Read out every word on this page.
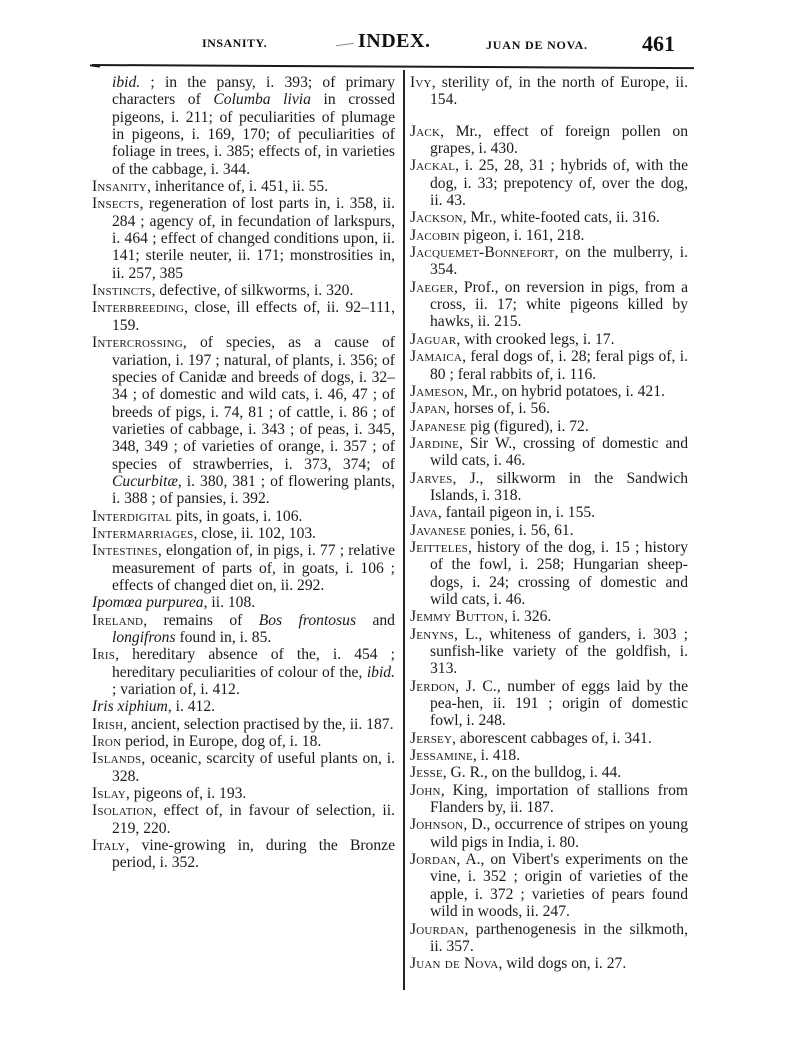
INSANITY.	INDEX.	JUAN DE NOVA. 461

ibid. ; in the pansy, i. 393; of primary characters of Columba livia in crossed pigeons, i. 211; of peculiarities of plumage in pigeons, i. 169, 170; of peculiarities of foliage in trees, i. 385; effects of, in varieties of the cabbage, i. 344.

Insanity, inheritance of, i. 451, ii. 55.

Insects, regeneration of lost parts in, i. 358, ii. 284 ; agency of, in fecundation of larkspurs, i. 464 ; effect of changed conditions upon, ii. 141; sterile neuter, ii. 171; monstrosities in, ii. 257, 385

Instincts, defective, of silkworms, i. 320.

Interbreeding, close, ill effects of, ii. 92–111, 159.

Intercrossing, of species, as a cause of variation, i. 197 ; natural, of plants, i. 356; of species of Canidæ and breeds of dogs, i. 32–34 ; of domestic and wild cats, i. 46, 47 ; of breeds of pigs, i. 74, 81 ; of cattle, i. 86 ; of varieties of cabbage, i. 343 ; of peas, i. 345, 348, 349 ; of varieties of orange, i. 357 ; of species of strawberries, i. 373, 374; of Cucurbitæ, i. 380, 381 ; of flowering plants, i. 388 ; of pansies, i. 392.

Interdigital pits, in goats, i. 106.

Intermarriages, close, ii. 102, 103.

Intestines, elongation of, in pigs, i. 77 ; relative measurement of parts of, in goats, i. 106 ; effects of changed diet on, ii. 292.

Ipomœa purpurea, ii. 108.

Ireland, remains of Bos frontosus and longifrons found in, i. 85.

Iris, hereditary absence of the, i. 454 ; hereditary peculiarities of colour of the, ibid. ; variation of, i. 412.

Iris xiphium, i. 412.

Irish, ancient, selection practised by the, ii. 187.

Iron period, in Europe, dog of, i. 18.

Islands, oceanic, scarcity of useful plants on, i. 328.

Islay, pigeons of, i. 193.

Isolation, effect of, in favour of selection, ii. 219, 220.

Italy, vine-growing in, during the Bronze period, i. 352.

Ivy, sterility of, in the north of Europe, ii. 154.

Jack, Mr., effect of foreign pollen on grapes, i. 430.

Jackal, i. 25, 28, 31 ; hybrids of, with the dog, i. 33; prepotency of, over the dog, ii. 43.

Jackson, Mr., white-footed cats, ii. 316.

Jacobin pigeon, i. 161, 218.

Jacquemet-Bonnefort, on the mulberry, i. 354.

Jaeger, Prof., on reversion in pigs, from a cross, ii. 17; white pigeons killed by hawks, ii. 215.

Jaguar, with crooked legs, i. 17.

Jamaica, feral dogs of, i. 28; feral pigs of, i. 80 ; feral rabbits of, i. 116.

Jameson, Mr., on hybrid potatoes, i. 421.

Japan, horses of, i. 56.

Japanese pig (figured), i. 72.

Jardine, Sir W., crossing of domestic and wild cats, i. 46.

Jarves, J., silkworm in the Sandwich Islands, i. 318.

Java, fantail pigeon in, i. 155.

Javanese ponies, i. 56, 61.

Jeitteles, history of the dog, i. 15 ; history of the fowl, i. 258; Hungarian sheep-dogs, i. 24; crossing of domestic and wild cats, i. 46.

Jemmy Button, i. 326.

Jenyns, L., whiteness of ganders, i. 303 ; sunfish-like variety of the goldfish, i. 313.

Jerdon, J. C., number of eggs laid by the pea-hen, ii. 191 ; origin of domestic fowl, i. 248.

Jersey, aborescent cabbages of, i. 341.

Jessamine, i. 418.

Jesse, G. R., on the bulldog, i. 44.

John, King, importation of stallions from Flanders by, ii. 187.

Johnson, D., occurrence of stripes on young wild pigs in India, i. 80.

Jordan, A., on Vibert's experiments on the vine, i. 352 ; origin of varieties of the apple, i. 372 ; varieties of pears found wild in woods, ii. 247.

Jourdan, parthenogenesis in the silkmoth, ii. 357.

Juan de Nova, wild dogs on, i. 27.
